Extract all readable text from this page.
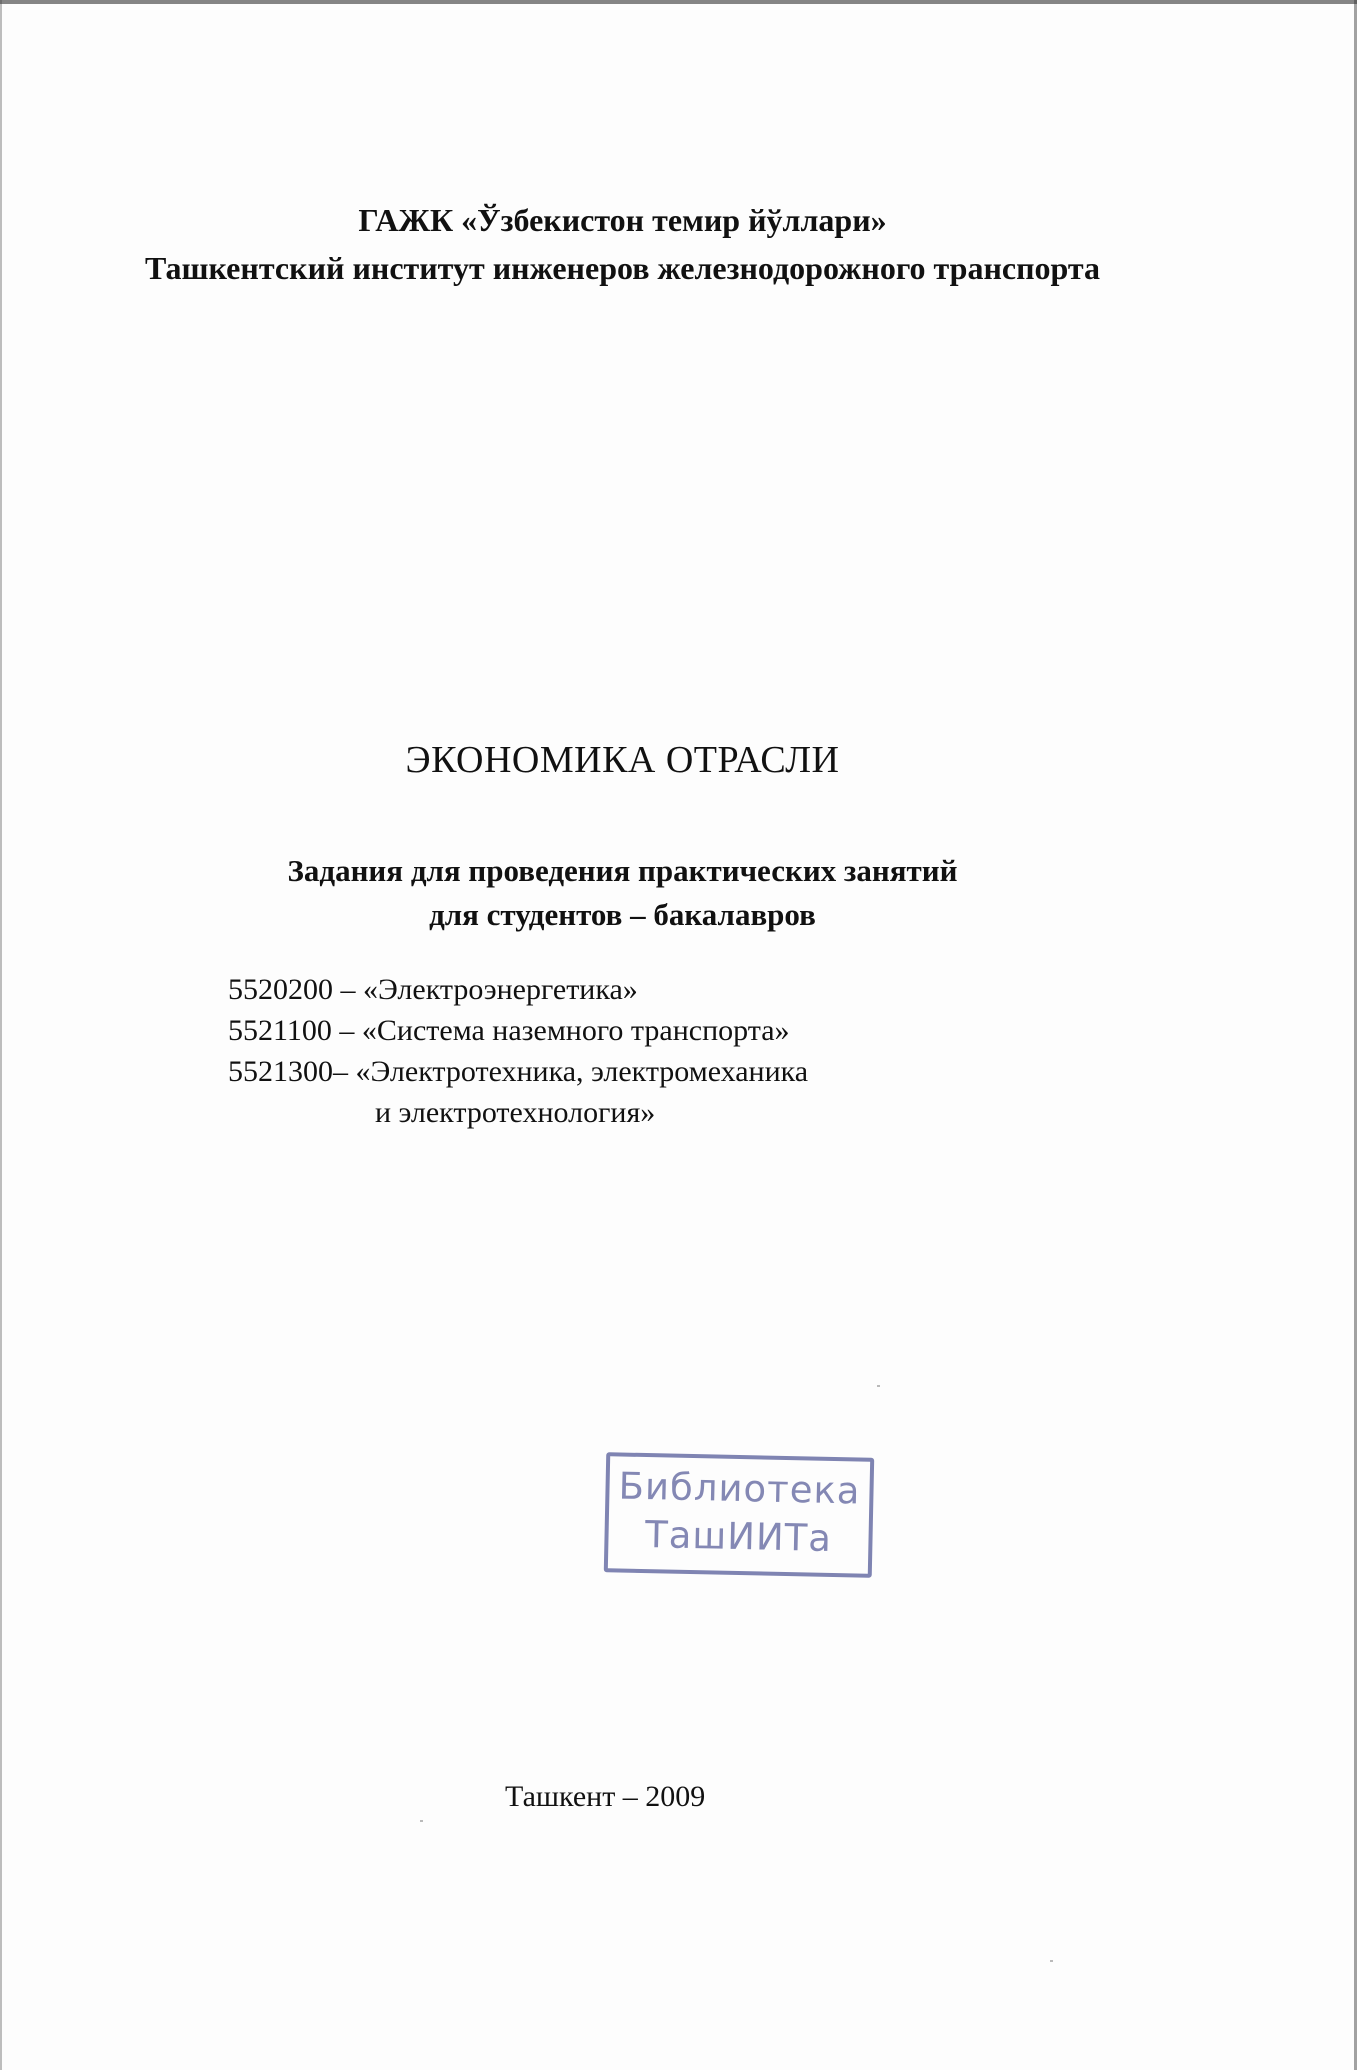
ГАЖК «Ўзбекистон темир йўллари»
Ташкентский институт инженеров железнодорожного транспорта
ЭКОНОМИКА ОТРАСЛИ
Задания для проведения практических занятий
для студентов – бакалавров
5520200 – «Электроэнергетика»
5521100 – «Система наземного транспорта»
5521300– «Электротехника, электромеханика
и электротехнология»
Библиотека
ТашИИТа
Ташкент – 2009
